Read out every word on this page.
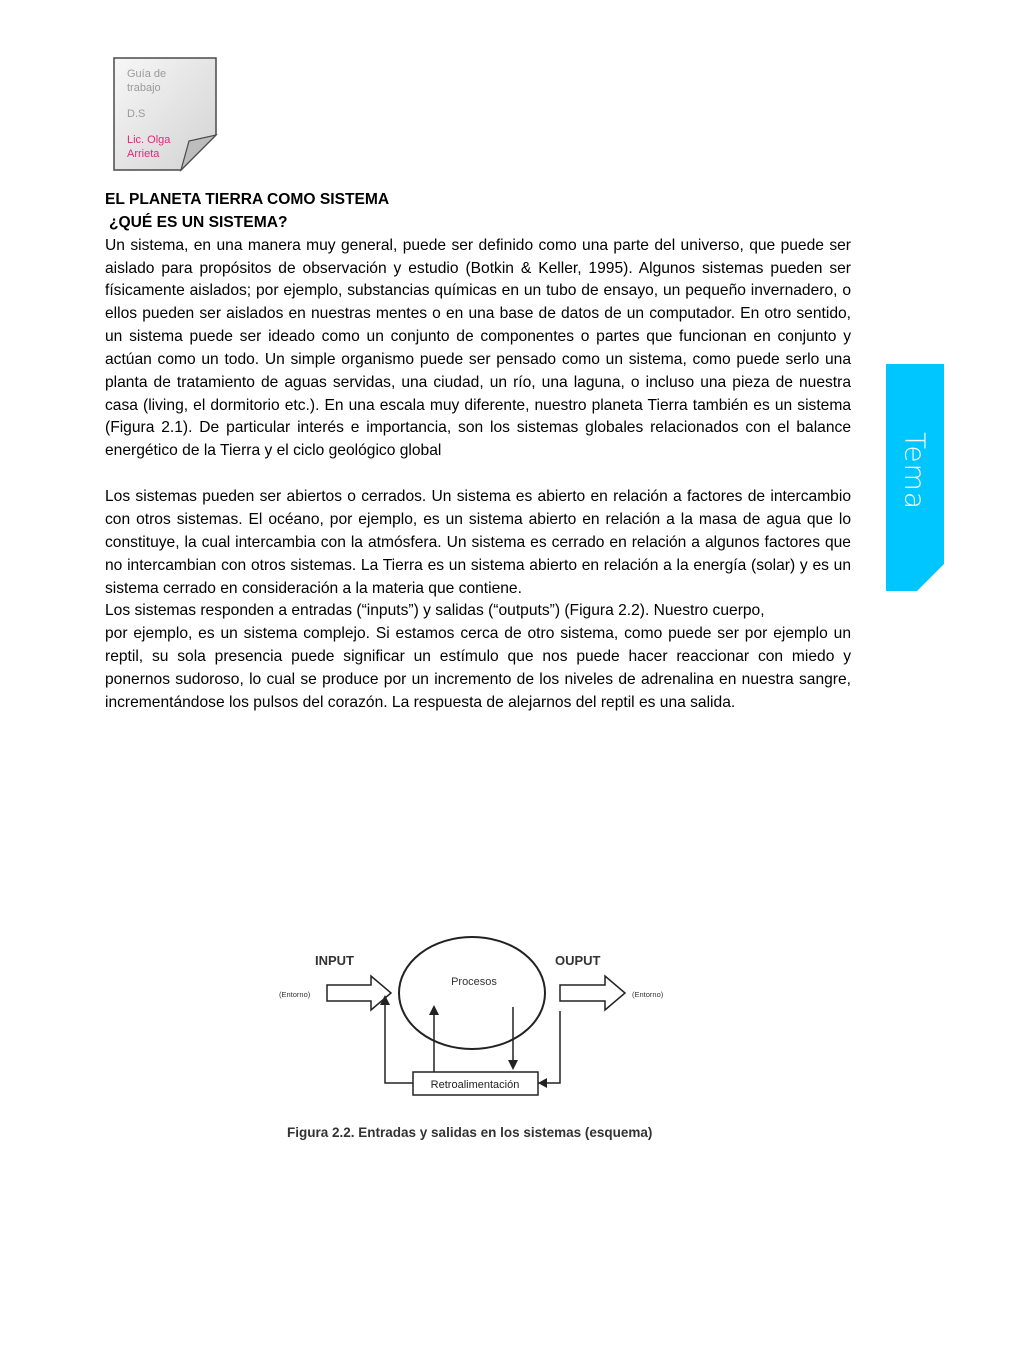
Guía de
trabajo

D.S

Lic. Olga
Arrieta

EL PLANETA TIERRA COMO SISTEMA
¿QUÉ ES UN SISTEMA?

Un sistema, en una manera muy general, puede ser definido como una parte del universo, que puede ser aislado para propósitos de observación y estudio (Botkin & Keller, 1995). Algunos sistemas pueden ser físicamente aislados; por ejemplo, substancias químicas en un tubo de ensayo, un pequeño invernadero, o ellos pueden ser aislados en nuestras mentes o en una base de datos de un computador. En otro sentido, un sistema puede ser ideado como un conjunto de componentes o partes que funcionan en conjunto y actúan como un todo. Un simple organismo puede ser pensado como un sistema, como puede serlo una planta de tratamiento de aguas servidas, una ciudad, un río, una laguna, o incluso una pieza de nuestra casa (living, el dormitorio etc.). En una escala muy diferente, nuestro planeta Tierra también es un sistema (Figura 2.1). De particular interés e importancia, son los sistemas globales relacionados con el balance energético de la Tierra y el ciclo geológico global

Los sistemas pueden ser abiertos o cerrados. Un sistema es abierto en relación a factores de intercambio con otros sistemas. El océano, por ejemplo, es un sistema abierto en relación a la masa de agua que lo constituye, la cual intercambia con la atmósfera. Un sistema es cerrado en relación a algunos factores que no intercambian con otros sistemas. La Tierra es un sistema abierto en relación a la energía (solar) y es un sistema cerrado en consideración a la materia que contiene.

Los sistemas responden a entradas (“inputs”) y salidas (“outputs”) (Figura 2.2). Nuestro cuerpo,

por ejemplo, es un sistema complejo. Si estamos cerca de otro sistema, como puede ser por ejemplo un reptil, su sola presencia puede significar un estímulo que nos puede hacer reaccionar con miedo y ponernos sudoroso, lo cual se produce por un incremento de los niveles de adrenalina en nuestra sangre, incrementándose los pulsos del corazón. La respuesta de alejarnos del reptil es una salida.

Tema
INPUT
(Entorno)
Procesos
OUPUT
(Entorno)
Retroalimentación
Figura 2.2. Entradas y salidas en los sistemas (esquema)
